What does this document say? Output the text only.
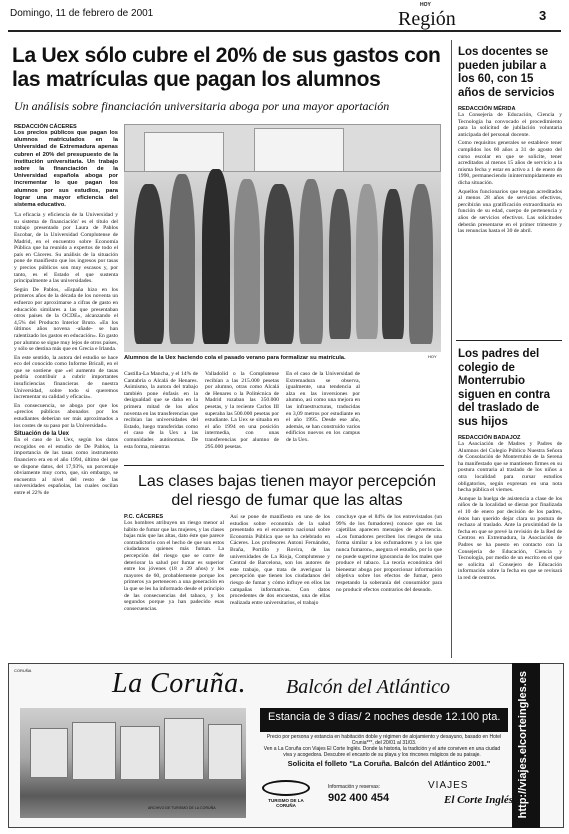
Domingo, 11 de febrero de 2001
HOY
Región	3
La Uex sólo cubre el 20% de sus gastos con las matrículas que pagan los alumnos
Un análisis sobre financiación universitaria aboga por una mayor aportación
REDACCIÓN CÁCERES
Los precios públicos que pagan los alumnos matriculados en la Universidad de Extremadura apenas cubren el 20% del presupuesto de la institución universitaria. Un trabajo sobre la financiación de la Universidad española aboga por incrementar lo que pagan los alumnos por sus estudios, para lograr una mayor eficiencia del sistema educativo.

'La eficacia y eficiencia de la Universidad y su sistema de financiación' es el título del trabajo presentado por Laura de Pablos Escobar, de la Universidad Complutense de Madrid, en el encuentro sobre Economía Pública que ha reunido a expertos de todo el país en Cáceres. Su análisis de la situación pone de manifiesto que los ingresos por tasas y precios públicos son muy escasos y, por tanto, es el Estado el que sustenta principalmente a las universidades.

Según De Pablos, «España hizo en los primeros años de la década de los noventa un esfuerzo por aproximarse a cifras de gasto en educación similares a las que presentaban otros países de la OCDE», alcanzando el 4,5% del Producto Interior Bruto. «En los últimos años novena -añade- se han ralentizado los gastos en educación». En gasto por alumno se sigue muy lejos de otros países, y sólo se destina más que en Grecia e Irlanda.

En este sentido, la autora del estudio se hace eco del conocido como Informe Bricall, en el que se sostiene que «el aumento de tasas podría contribuir a cubrir importantes insuficiencias financieras de nuestra Universidad, sobre todo si queremos incrementar su calidad y eficacia».

En consecuencia, se aboga por que los «precios públicos abonados por los estudiantes deberían ser más aproximados a los costes de su paso por la Universidad».

Situación de la Uex

En el caso de la Uex, según los datos recogidos en el estudio de De Pablos, la importancia de las tasas como instrumento financiero era en el año 1994, último del que se dispone datos, del 17,93%, un porcentaje obviamente muy corto, que, sin embargo, se encuentra al nivel del resto de las universidades españolas, las cuales oscilan entre el 22% de

Alumnos de la Uex haciendo cola el pasado verano para formalizar su matrícula.	HOY
Castilla-La Mancha, y el 14% de Cantabria o Alcalá de Henares. Asimismo, la autora del trabajo también pone énfasis en la desigualdad que se daba en la primera mitad de los años noventa en las transferencias que recibían las universidades del Estado, luego transferidas como el caso de la Uex a las comunidades autónomas. De esta forma, mientras
Valladolid o la Complutense recibían a las 215.000 pesetas por alumno, otras como Alcalá de Henares o la Politécnica de Madrid rozaban las 350.000 pesetas, y la reciente Carlos III superaba las 500.000 pesetas por estudiante. La Uex se situaba en el año 1994 en una posición intermedia, con unas transferencias por alumno de 295.000 pesetas.
En el caso de la Universidad de Extremadura se observa, igualmente, una tendencia al alza en las inversiones por alumno, así como una mejora en las infraestructuras, traducidas en 3,09 metros por estudiante en el año 1995. Desde ese año, además, se han construido varios edificios nuevos en los campus de la Uex.
Las clases bajas tienen mayor percepción del riesgo de fumar que las altas
P.C. CÁCERES

Los hombres atribuyen un riesgo menor al hábito de fumar que las mujeres, y las clases bajas más que las altas, dato éste que parece contradictorio con el hecho de que son estos ciudadanos quienes más fuman. La percepción del riesgo que se corre de deteriorar la salud por fumar es superior entre los jóvenes (18 a 29 años) y los mayores de 60, probablemente porque los primeros ya pertenecen a una generación en la que se les ha informado desde el principio de las consecuencias del tabaco, y los segundos porque ya han padecido esas consecuencias.

Así se pone de manifiesto en uno de los estudios sobre economía de la salud presentado en el encuentro nacional sobre Economía Pública que se ha celebrado en Cáceres. Los profesores Antoni Fernández, Braña, Portillo y Rovira, de las universidades de La Rioja, Complutense y Central de Barcelona, son los autores de este trabajo, que trata de averiguar la percepción que tienen los ciudadanos del riesgo de fumar y cómo influye en ellos las campañas informativas. Con datos procedentes de dos encuestas, una de ellas realizada entre universitarios, el trabajo
concluye que el 84% de los entrevistados (un 99% de los fumadores) conoce que en las cajetillas aparecen mensajes de advertencia. «Los fumadores perciben los riesgos de una forma similar a los exfumadores y a los que nunca fumaron», asegura el estudio, por lo que no puede sugerirse ignorancia de los males que produce el tabaco. La teoría económica del bienestar aboga por proporcionar información objetiva sobre los efectos de fumar, pero respetando la soberanía del consumidor para no producir efectos contrarios del deseado.
Los docentes se pueden jubilar a los 60, con 15 años de servicios
REDACCIÓN MÉRIDA

La Consejería de Educación, Ciencia y Tecnología ha convocado el procedimiento para la solicitud de jubilación voluntaria anticipada del personal docente.

Como requisitos generales se establece tener cumplidos los 60 años a 31 de agosto del curso escolar en que se solicite, tener acreditados al menos 15 años de servicio a la misma fecha y estar en activo a 1 de enero de 1990, permaneciendo ininterrumpidamente en dicha situación.

Aquellos funcionarios que tengan acreditados al menos 28 años de servicios efectivos, percibirán una gratificación extraordinaria en función de su edad, cuerpo de pertenencia y años de servicios efectivos. Las solicitudes deberán presentarse en el primer trimestre y las renuncias hasta el 30 de abril.

Los padres del colegio de Monterrubio siguen en contra del traslado de sus hijos
REDACCIÓN BADAJOZ

La Asociación de Madres y Padres de Alumnos del Colegio Público Nuestra Señora de Consolación de Monterrubio de la Serena ha manifestado que se mantienen firmes en su postura contraria al traslado de los niños a otra localidad para cursar estudios obligatorios, según expresan en una nota hecha pública el viernes.

Aunque la huelga de asistencia a clase de los niños de la localidad se dieran por finalizada el 10 de enero por decisión de los padres, éstos han querido dejar clara su postura de rechazo al traslado. Ante la proximidad de la fecha en que se prevé la revisión de la Red de Centros en Extremadura, la Asociación de Padres se ha puesto en contacto con la Consejería de Educación, Ciencia y Tecnología, por medio de un escrito en el que se solicita al Consejero de Educación información sobre la fecha en que se revisará la red de centros.

CORUÑA	La Coruña. Balcón del Atlántico	http://viajes.elcorteingles.es
ARCHIVO DE TURISMO DE LA CORUÑA
Estancia de 3 días/ 2 noches desde 12.100 pta.
Precio por persona y estancia en habitación doble y régimen de alojamiento y desayuno, basado en Hotel Crunia***, del 20/01 al 31/03.
Ven a La Coruña con Viajes El Corte Inglés. Donde la historia, la tradición y el arte conviven en una ciudad viva y acogedora. Descubre el encanto de su playa y los rincones mágicos de su paisaje.
Solicita el folleto "La Coruña. Balcón del Atlántico 2001."
TURISMO DE LA CORUÑA
Información y reservas:
902 400 454
VIAJES
El Corte Inglés
